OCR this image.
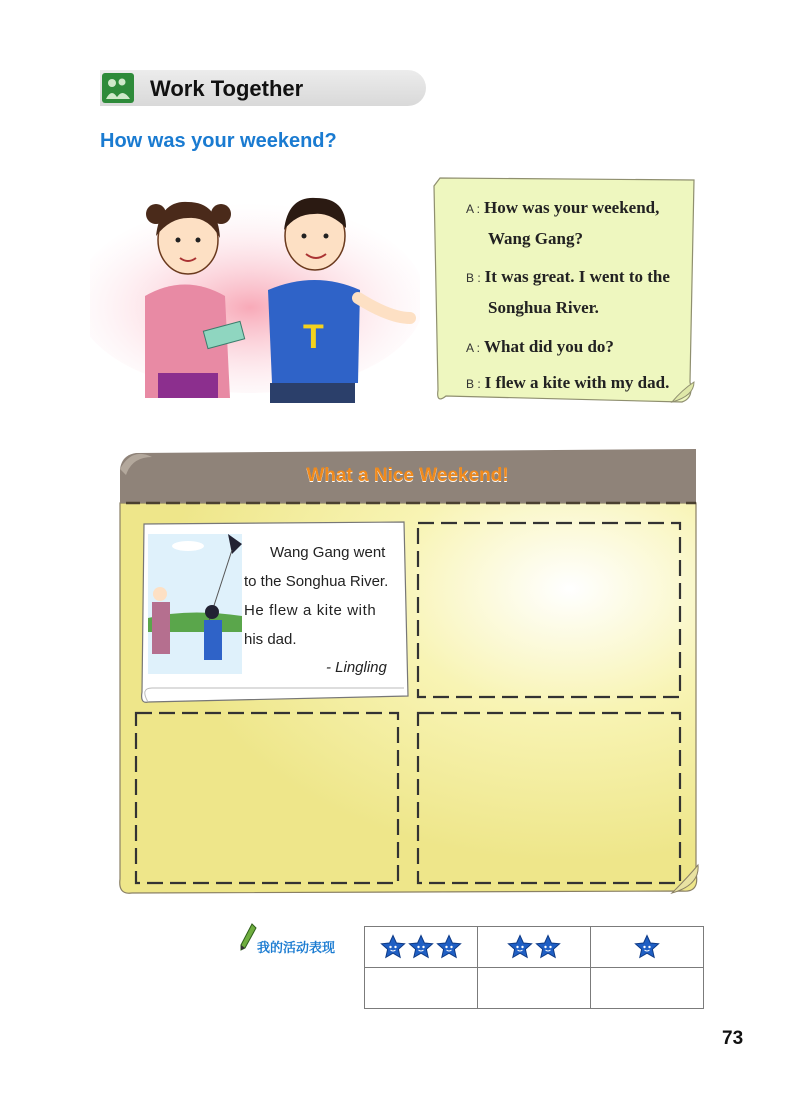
Work Together
How was your weekend?
T
A : How was your weekend,
Wang Gang?
B : It was great. I went to the
Songhua River.
A : What did you do?
B : I flew a kite with my dad.
What a Nice Weekend!
Wang Gang went
to the Songhua River.
He flew a kite with
his dad.
- Lingling
我的活动表现

73
